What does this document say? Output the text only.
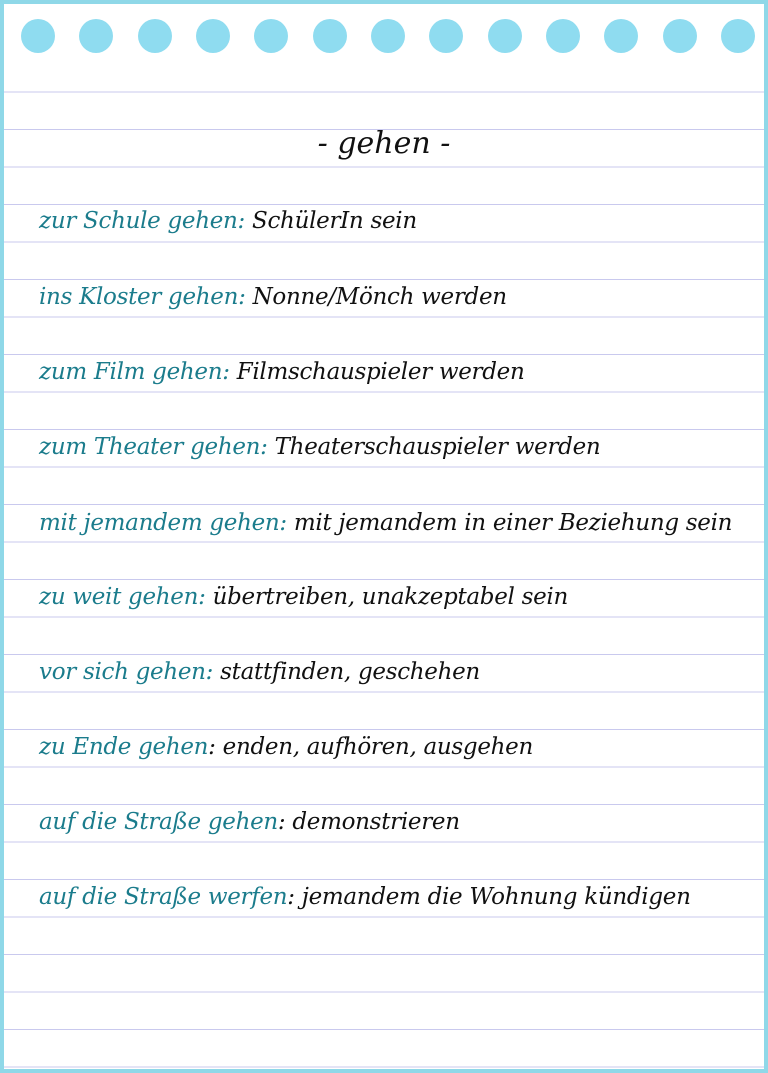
- gehen -
zur Schule gehen: SchülerIn sein
ins Kloster gehen: Nonne/Mönch werden
zum Film gehen: Filmschauspieler werden
zum Theater gehen: Theaterschauspieler werden
mit jemandem gehen: mit jemandem in einer Beziehung sein
zu weit gehen: übertreiben, unakzeptabel sein
vor sich gehen: stattfinden, geschehen
zu Ende gehen: enden, aufhören, ausgehen
auf die Straße gehen: demonstrieren
auf die Straße werfen: jemandem die Wohnung kündigen
